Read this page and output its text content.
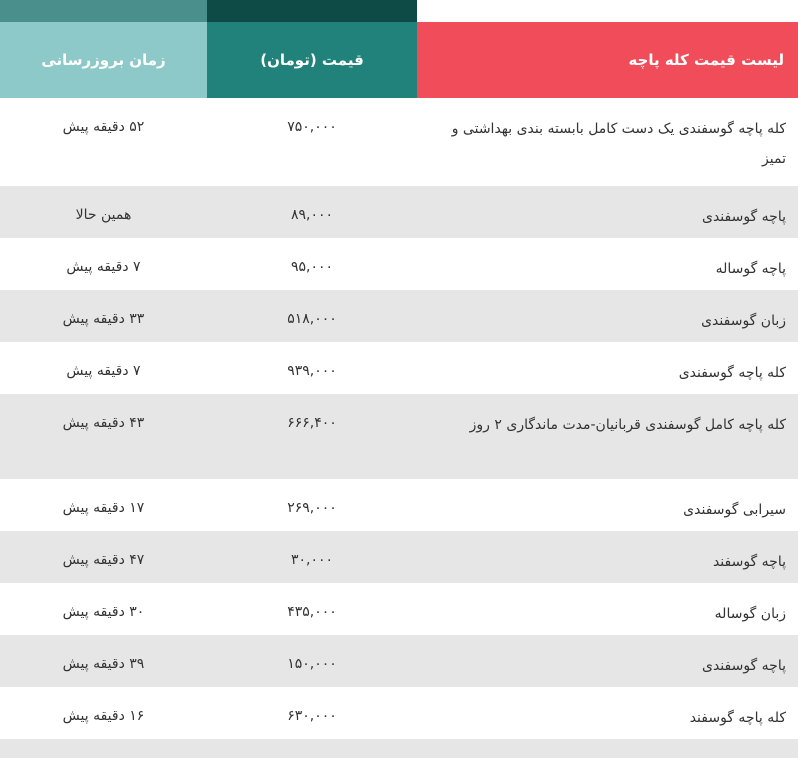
لیست قیمت کله پاچه
قیمت (تومان)
زمان بروزرسانی
کله پاچه گوسفندی یک دست کامل بابسته بندی بهداشتی و تمیز
۷۵۰,۰۰۰
۵۲ دقیقه پیش
پاچه گوسفندی
۸۹,۰۰۰
همین حالا
پاچه گوساله
۹۵,۰۰۰
۷ دقیقه پیش
زبان گوسفندی
۵۱۸,۰۰۰
۳۳ دقیقه پیش
کله پاچه گوسفندی
۹۳۹,۰۰۰
۷ دقیقه پیش
کله پاچه کامل گوسفندی قربانیان-مدت ماندگاری ۲ روز
۶۶۶,۴۰۰
۴۳ دقیقه پیش
سیرابی گوسفندی
۲۶۹,۰۰۰
۱۷ دقیقه پیش
پاچه گوسفند
۳۰,۰۰۰
۴۷ دقیقه پیش
زبان گوساله
۴۳۵,۰۰۰
۳۰ دقیقه پیش
پاچه گوسفندی
۱۵۰,۰۰۰
۳۹ دقیقه پیش
کله پاچه گوسفند
۶۳۰,۰۰۰
۱۶ دقیقه پیش
